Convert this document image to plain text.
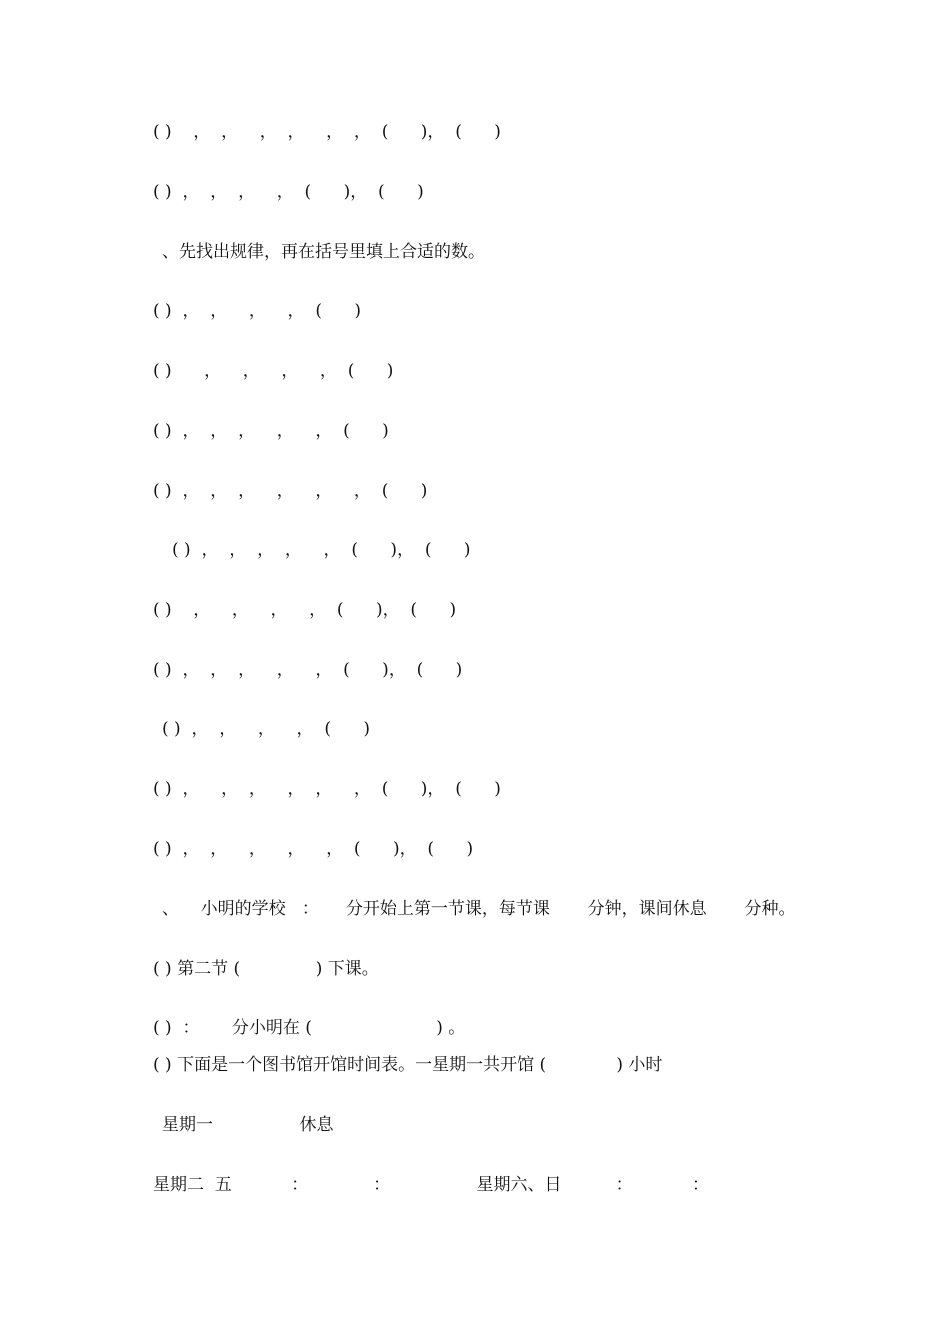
( )    ，  ，    ，  ，    ，  ，  (      )，  (      )
( )  ，  ，  ，    ，  (      )，  (      )
、先找出规律，再在括号里填上合适的数。
( )  ，  ，    ，    ，  (      )
( )      ，    ，    ，    ，  (      )
( )  ，  ，  ，    ，    ，  (      )
( )  ，  ，  ，    ，    ，    ，  (      )
( )  ，  ，  ，  ，    ，  (      )，  (      )
( )    ，    ，    ，    ，  (      )，  (      )
( )  ，  ，  ，    ，    ，  (      )，  (      )
( )  ，  ，    ，    ，  (      )
( )  ，    ，  ，    ，  ，    ，  (      )，  (      )
( )  ，  ，    ，    ，    ，  (      )，  (      )
、    小明的学校   ：     分开始上第一节课，每节课       分钟，课间休息       分种。
( ) 第二节 (              ) 下课。
( )  ：      分小明在 (                       ) 。
( ) 下面是一个图书馆开馆时间表。一星期一共开馆 (             ) 小时
星期一                休息
星期二  五           ：            ：                星期六、日          ：           ：
